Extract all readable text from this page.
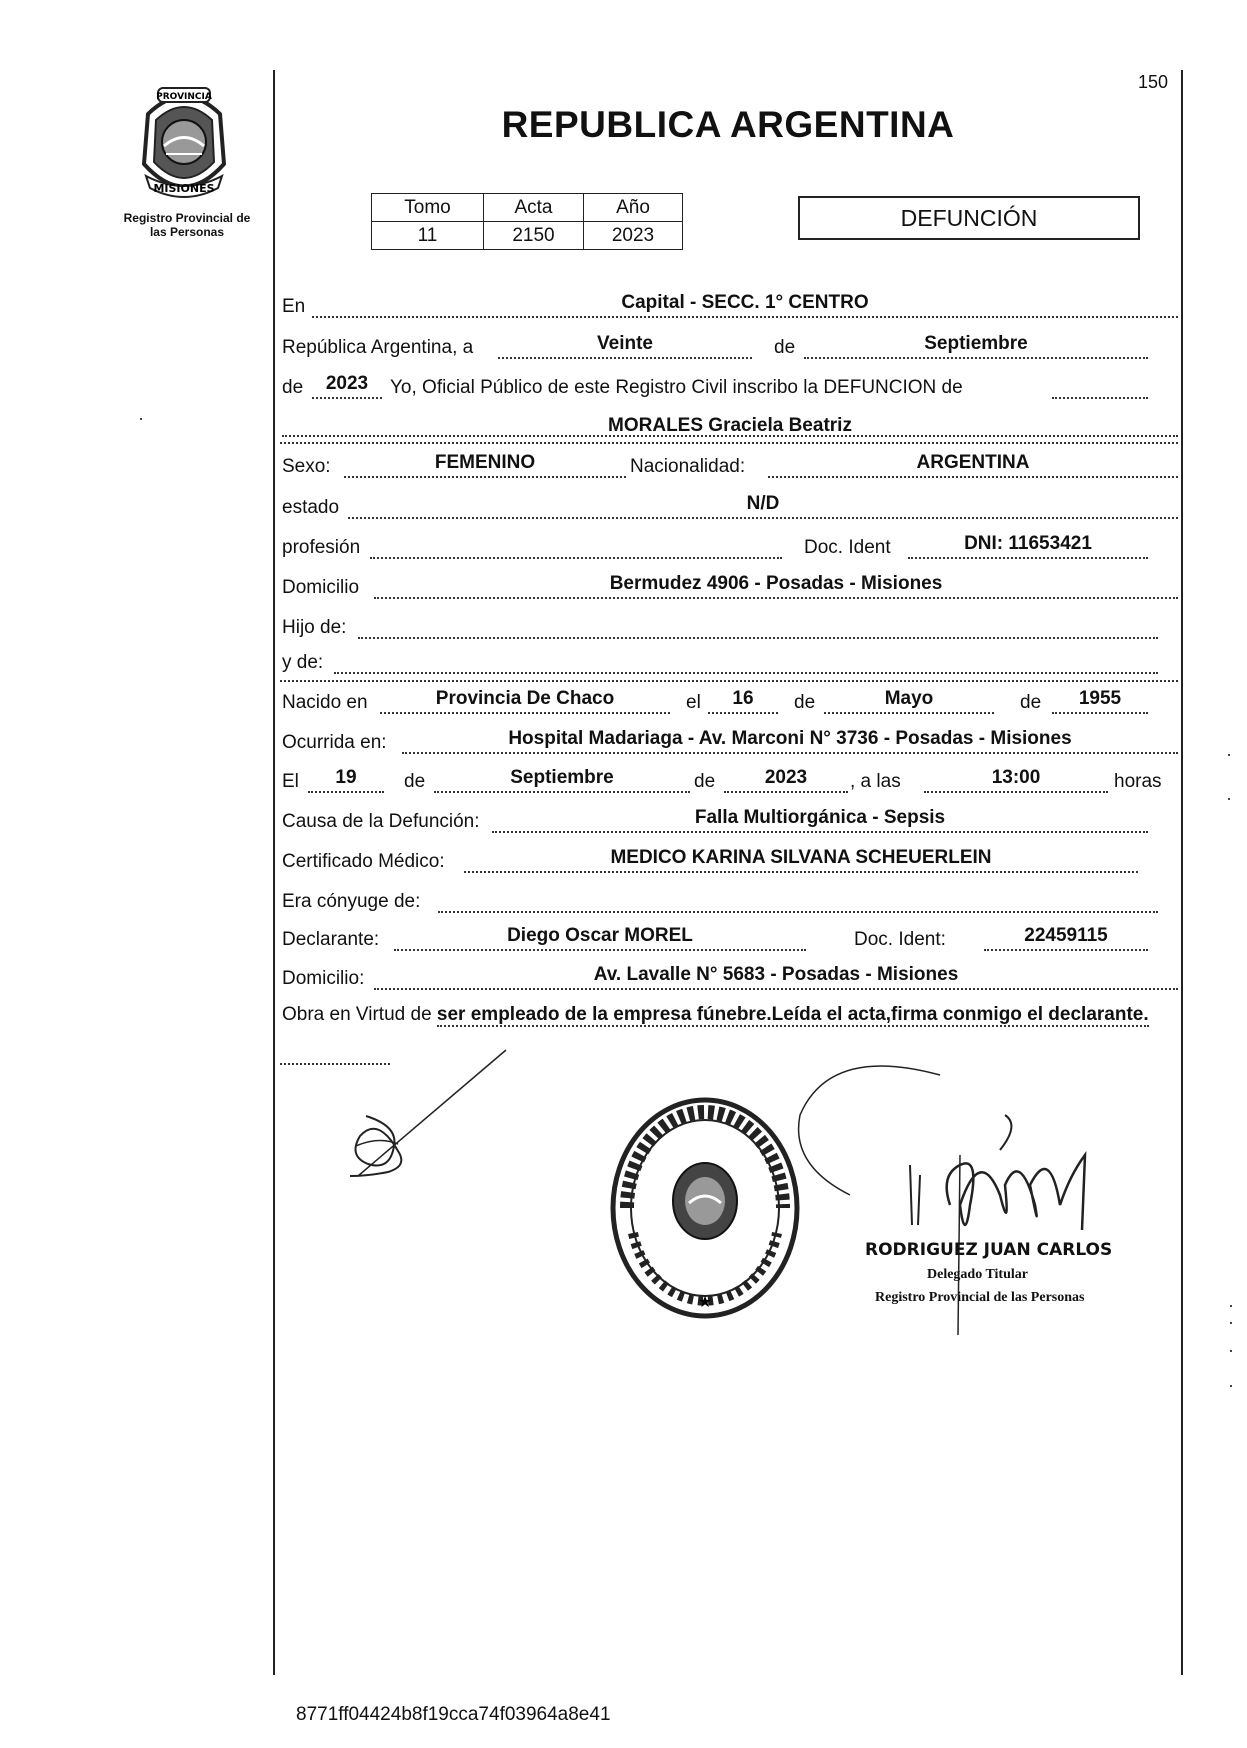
PROVINCIA
MISIONES
Registro Provincial de
las Personas
150
REPUBLICA ARGENTINA
Tomo	Acta	Año
11	2150	2023
DEFUNCIÓN
En	Capital - SECC. 1° CENTRO
República Argentina, a	Veinte	de	Septiembre
de	2023	Yo, Oficial Público de este Registro Civil inscribo la DEFUNCION de
MORALES Graciela Beatriz
Sexo:	FEMENINO	Nacionalidad:	ARGENTINA
estado	N/D
profesión	Doc. Ident	DNI: 11653421
Domicilio	Bermudez 4906 - Posadas - Misiones
Hijo de:
y de:
Nacido en	Provincia De Chaco	el	16	de	Mayo	de	1955
Ocurrida en:	Hospital Madariaga - Av. Marconi N° 3736 - Posadas - Misiones
El	19	de	Septiembre	de	2023	, a las	13:00	horas
Causa de la Defunción:	Falla Multiorgánica - Sepsis
Certificado Médico:	MEDICO KARINA SILVANA SCHEUERLEIN
Era cónyuge de:
Declarante:	Diego Oscar MOREL	Doc. Ident:	22459115
Domicilio:	Av. Lavalle N° 5683 - Posadas - Misiones
Obra en Virtud de ser empleado de la empresa fúnebre.Leída el acta,firma conmigo el declarante.
★
RODRIGUEZ JUAN CARLOS
Delegado Titular
Registro Provincial de las Personas
8771ff04424b8f19cca74f03964a8e41
